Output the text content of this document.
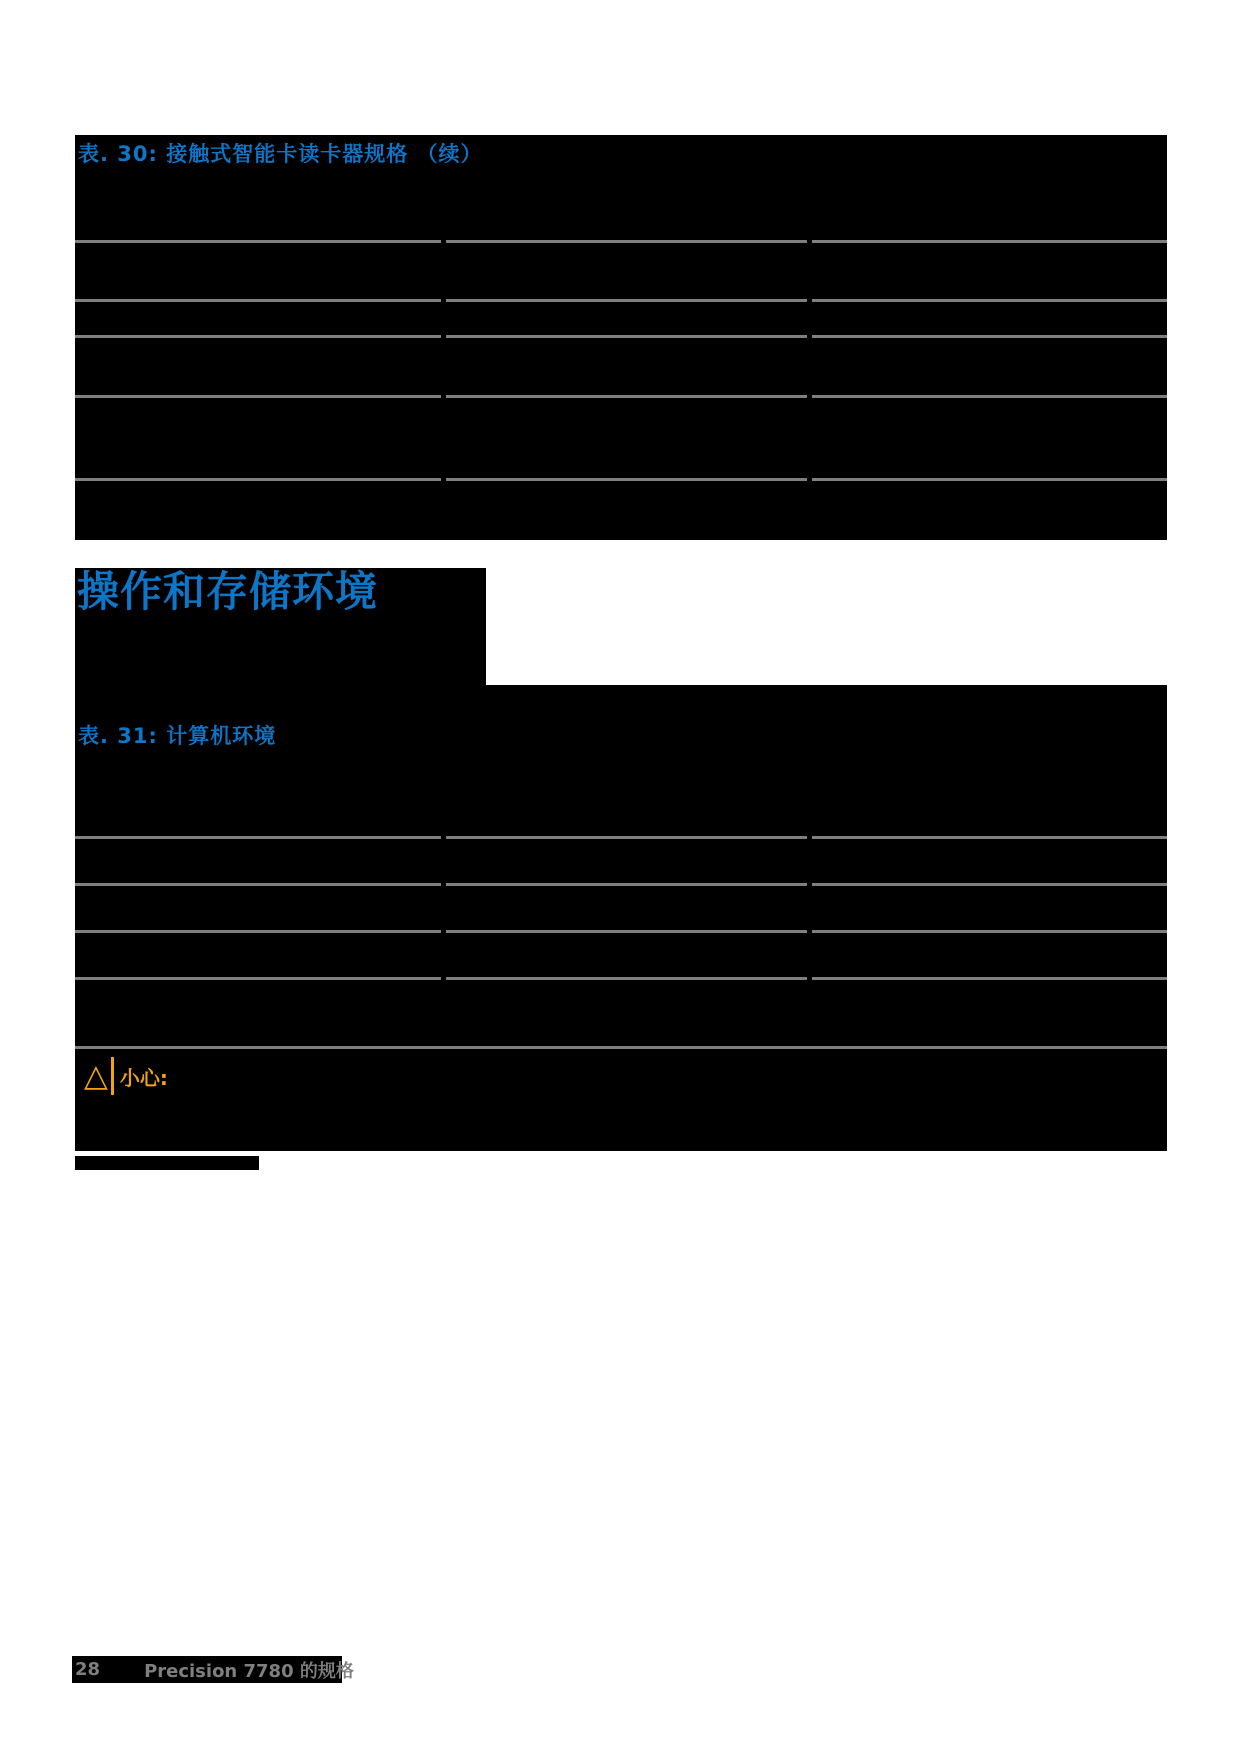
表. 30: 接触式智能卡读卡器规格 （续）
操作和存储环境
表. 31: 计算机环境
△ 小心:
28 Precision 7780 的规格
